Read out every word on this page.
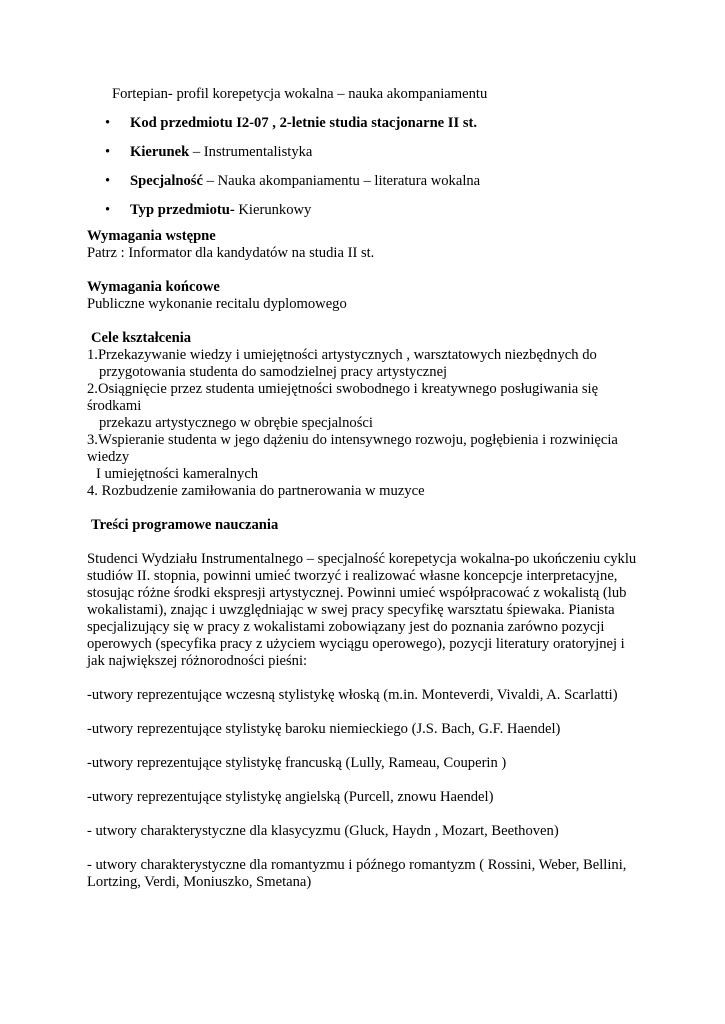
Fortepian- profil korepetycja wokalna – nauka akompaniamentu

• Kod przedmiotu I2-07 , 2-letnie studia stacjonarne II st.
• Kierunek – Instrumentalistyka
• Specjalność – Nauka akompaniamentu – literatura wokalna
• Typ przedmiotu- Kierunkowy

Wymagania wstępne

Patrz : Informator dla kandydatów na studia II st.

Wymagania końcowe

Publiczne wykonanie recitalu dyplomowego

Cele kształcenia

1.Przekazywanie wiedzy i umiejętności artystycznych , warsztatowych niezbędnych do

przygotowania studenta do samodzielnej pracy artystycznej

2.Osiągnięcie przez studenta umiejętności swobodnego i kreatywnego posługiwania się

środkami

przekazu artystycznego w obrębie specjalności

3.Wspieranie studenta w jego dążeniu do intensywnego rozwoju, pogłębienia i rozwinięcia

wiedzy

I umiejętności kameralnych

4. Rozbudzenie zamiłowania do partnerowania w muzyce

Treści programowe nauczania

Studenci Wydziału Instrumentalnego – specjalność korepetycja wokalna-po ukończeniu cyklu

studiów II. stopnia, powinni umieć tworzyć i realizować własne koncepcje interpretacyjne,

stosując różne środki ekspresji artystycznej. Powinni umieć współpracować z wokalistą (lub

wokalistami), znając i uwzględniając w swej pracy specyfikę warsztatu śpiewaka. Pianista

specjalizujący się w pracy z wokalistami zobowiązany jest do poznania zarówno pozycji

operowych (specyfika pracy z użyciem wyciągu operowego), pozycji literatury oratoryjnej i

jak największej różnorodności pieśni:

-utwory reprezentujące wczesną stylistykę włoską (m.in. Monteverdi, Vivaldi, A. Scarlatti)

-utwory reprezentujące stylistykę baroku niemieckiego (J.S. Bach, G.F. Haendel)

-utwory reprezentujące stylistykę francuską (Lully, Rameau, Couperin )

-utwory reprezentujące stylistykę angielską (Purcell, znowu Haendel)

- utwory charakterystyczne dla klasycyzmu (Gluck, Haydn , Mozart, Beethoven)

- utwory charakterystyczne dla romantyzmu i późnego romantyzm ( Rossini, Weber, Bellini,

Lortzing, Verdi, Moniuszko, Smetana)
